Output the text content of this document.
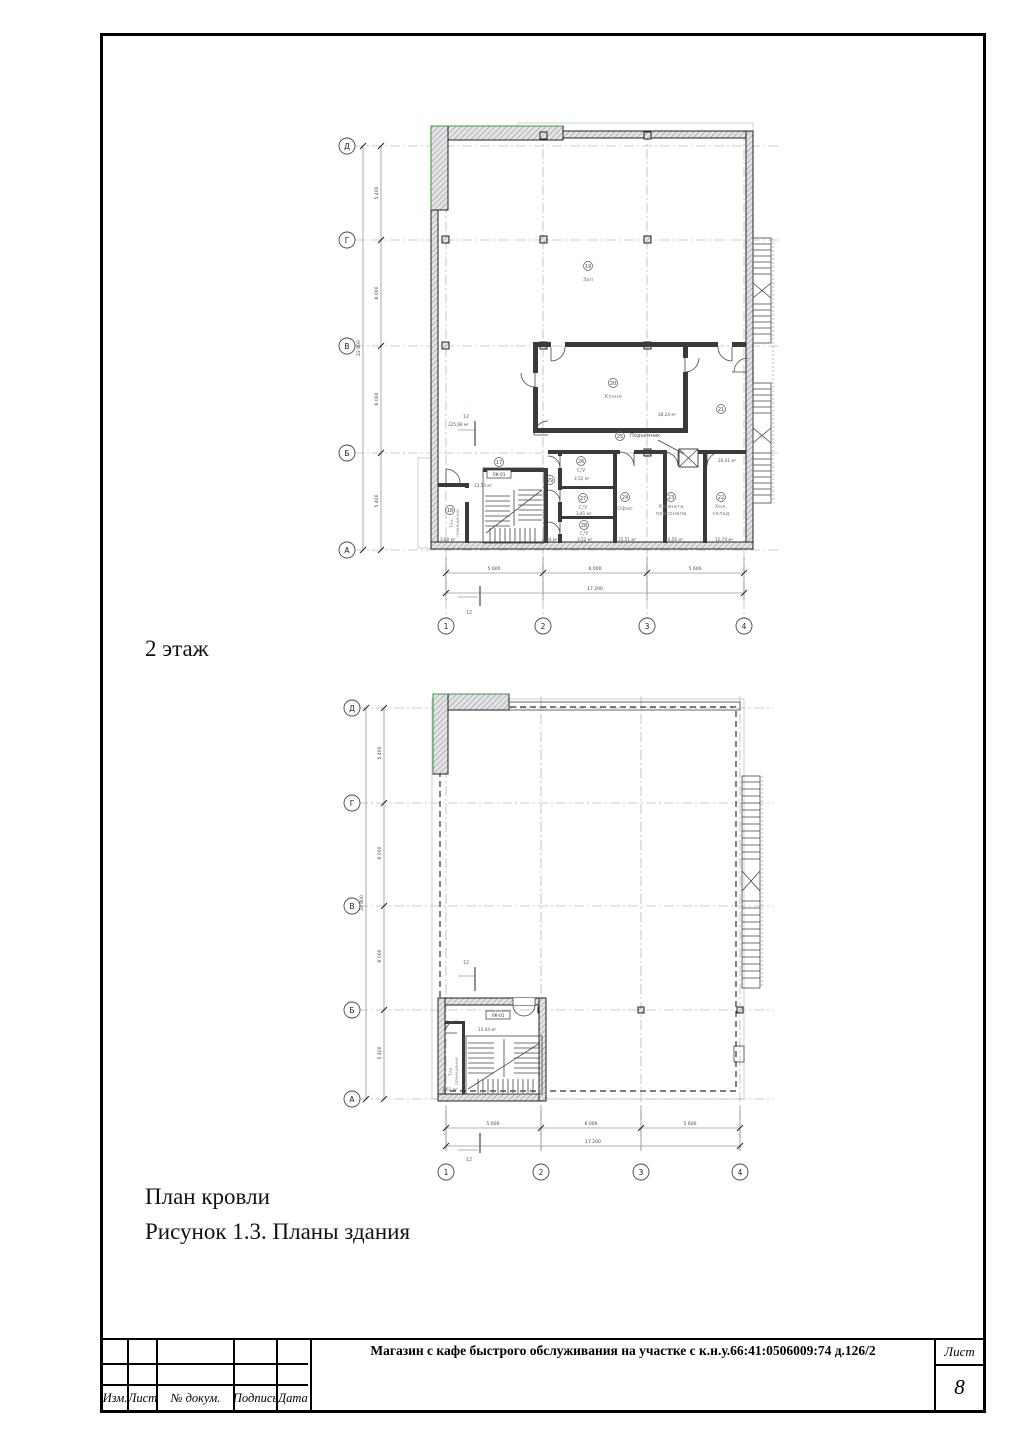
12
12
19
Зал
225,68 м²
20
Кухня
38,24 м²
21
20,41 м²
25 Подъемник
26
С/У
3,52 м²
27
С/У
3,41 м²
28
С/У
3,52 м²
24
Офис
15,51 м²
23
Комната
персонала
10,56 м²
22
Хол.
склад
12,74 м²
17
ЛК-01
13,53 м²
18
Тех. помещение
3,80 м²
29
8,04 м²
Д
Г
В
Б
А
1	2	3	4
5 600	6 000	5 600
17 200
5 400
6 000
6 000
5 400
22 800
ЛК-01
13,44 м²
Тех. помещение
3,61 м²
12
12
Д
Г
В
Б
А
1	2	3	4
5 600	6 000	5 600
17 200
5 400
6 000
6 000
5 400
22 800
Изм. Лист	№ докум.	Подпись Дата
Магазин с кафе быстрого обслуживания на участке с к.н.у.66:41:0506009:74 д.126/2	Лист
8
2 этаж
План кровли
Рисунок 1.3. Планы здания
